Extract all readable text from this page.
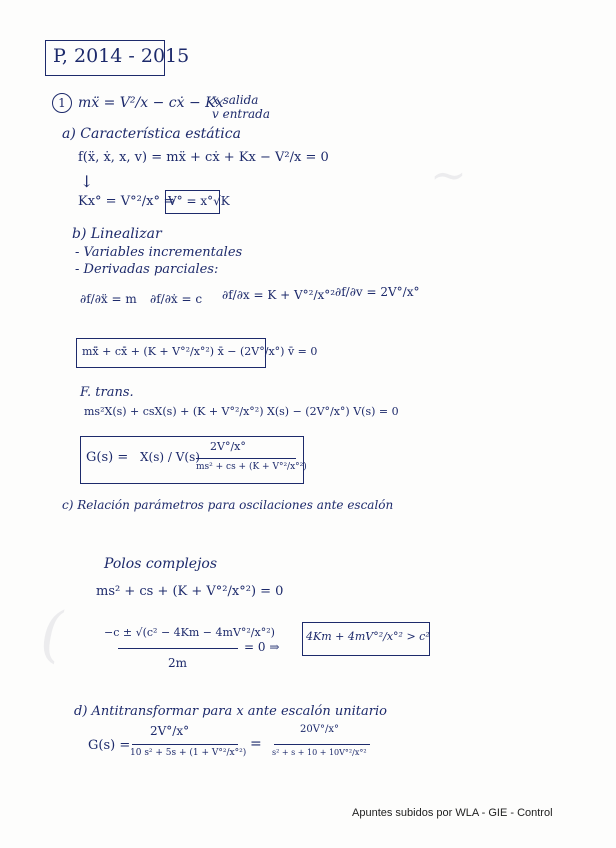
~
(
P, 2014 - 2015
1 mẍ = V²/x − cẋ − Kx
x salida
v entrada
a) Característica estática
f(ẍ, ẋ, x, v) = mẍ + cẋ + Kx − V²/x = 0
↓
Kx° = V°²/x° ⇒
V° = x°√K
b) Linealizar
- Variables incrementales
- Derivadas parciales:
∂f/∂ẍ = m ∂f/∂ẋ = c ∂f/∂x = K + V°²/x°² ∂f/∂v = 2V°/x°
mẍ̄ + cẋ̄ + (K + V°²/x°²) x̄ − (2V°/x°) v̄ = 0
F. trans.
ms²X(s) + csX(s) + (K + V°²/x°²) X(s) − (2V°/x°) V(s) = 0
G(s) = X(s) / V(s)
2V°/x°
ms² + cs + (K + V°²/x°²)
c) Relación parámetros para oscilaciones ante escalón
Polos complejos
ms² + cs + (K + V°²/x°²) = 0
−c ± √(c² − 4Km − 4mV°²/x°²)
2m
= 0 ⇒
4Km + 4mV°²/x°² > c²
d) Antitransformar para x ante escalón unitario
G(s) =
2V°/x°
10 s² + 5s + (1 + V°²/x°²)
=
20V°/x°
s² + s + 10 + 10V°²/x°²
Apuntes subidos por WLA - GIE - Control
